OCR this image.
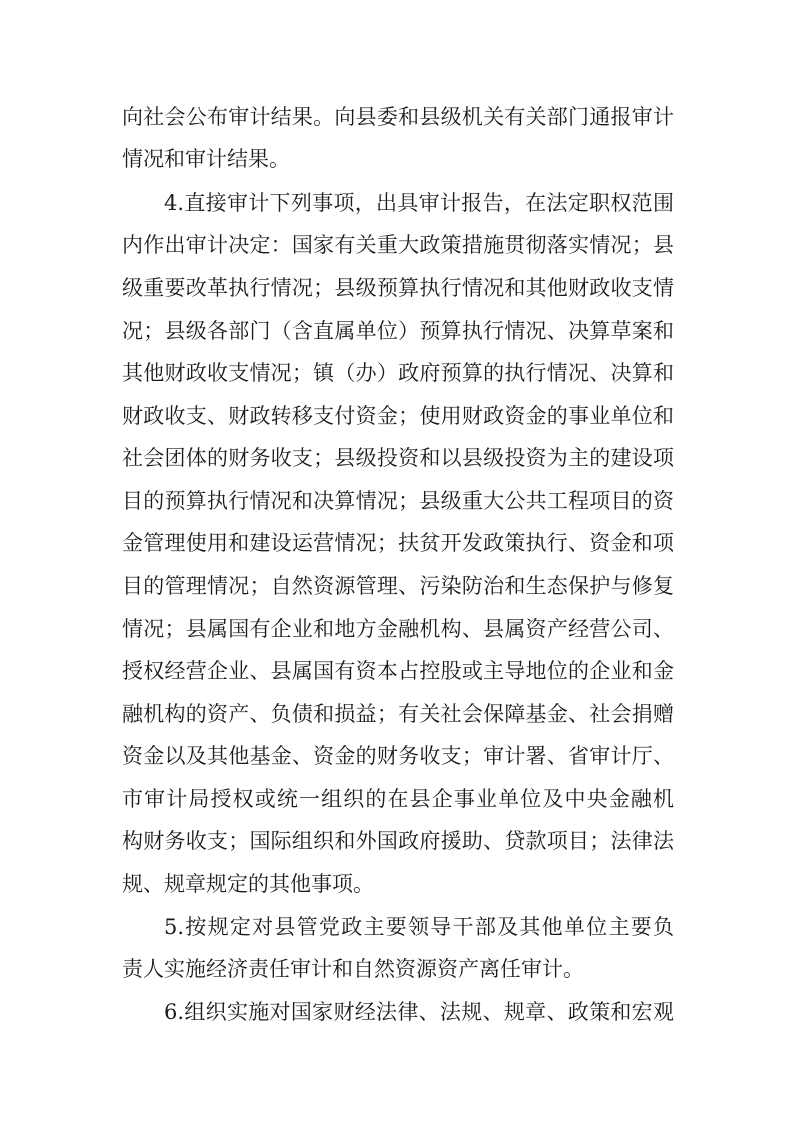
向社会公布审计结果。向县委和县级机关有关部门通报审计
情况和审计结果。
4.直接审计下列事项，出具审计报告，在法定职权范围
内作出审计决定：国家有关重大政策措施贯彻落实情况；县
级重要改革执行情况；县级预算执行情况和其他财政收支情
况；县级各部门（含直属单位）预算执行情况、决算草案和
其他财政收支情况；镇（办）政府预算的执行情况、决算和
财政收支、财政转移支付资金；使用财政资金的事业单位和
社会团体的财务收支；县级投资和以县级投资为主的建设项
目的预算执行情况和决算情况；县级重大公共工程项目的资
金管理使用和建设运营情况；扶贫开发政策执行、资金和项
目的管理情况；自然资源管理、污染防治和生态保护与修复
情况；县属国有企业和地方金融机构、县属资产经营公司、
授权经营企业、县属国有资本占控股或主导地位的企业和金
融机构的资产、负债和损益；有关社会保障基金、社会捐赠
资金以及其他基金、资金的财务收支；审计署、省审计厅、
市审计局授权或统一组织的在县企事业单位及中央金融机
构财务收支；国际组织和外国政府援助、贷款项目；法律法
规、规章规定的其他事项。
5.按规定对县管党政主要领导干部及其他单位主要负
责人实施经济责任审计和自然资源资产离任审计。
6.组织实施对国家财经法律、法规、规章、政策和宏观
